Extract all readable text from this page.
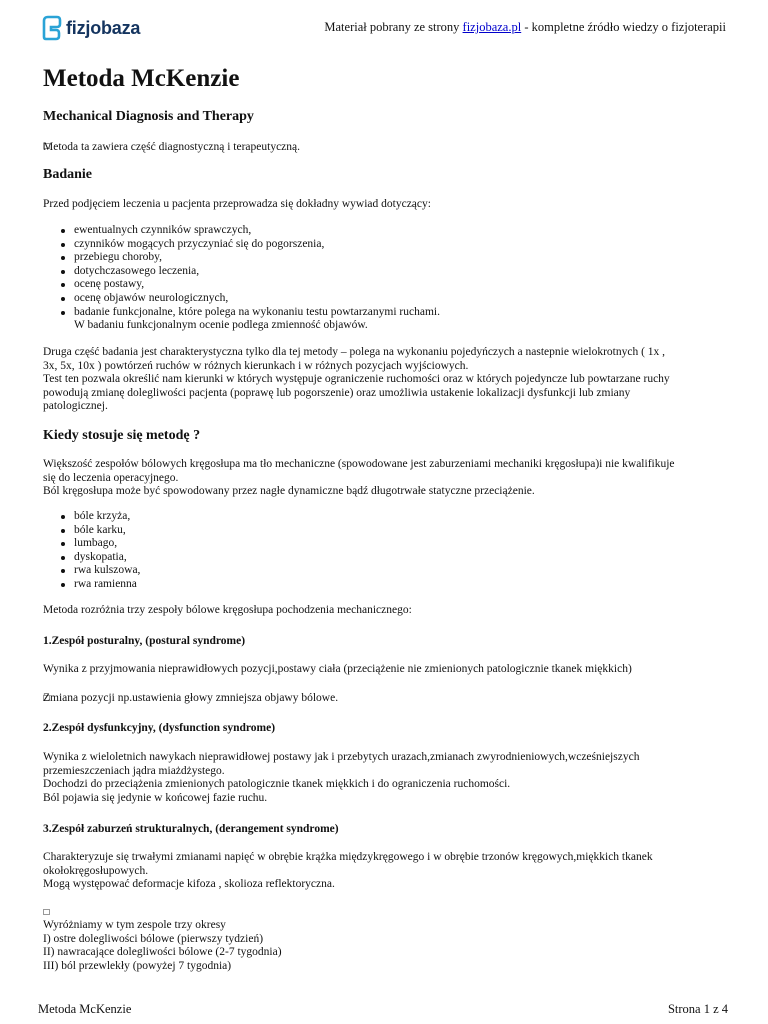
fizjobaza	Materiał pobrany ze strony fizjobaza.pl - kompletne źródło wiedzy o fizjoterapii
Metoda McKenzie
Mechanical Diagnosis and Therapy

Metoda ta zawiera część diagnostyczną i terapeutyczną.

Badanie

Przed podjęciem leczenia u pacjenta przeprowadza się dokładny wywiad dotyczący:

ewentualnych czynników sprawczych,
czynników mogących przyczyniać się do pogorszenia,
przebiegu choroby,
dotychczasowego leczenia,
ocenę postawy,
ocenę objawów neurologicznych,
badanie funkcjonalne, które polega na wykonaniu testu powtarzanymi ruchami.
W badaniu funkcjonalnym ocenie podlega zmienność objawów.
Druga część badania jest charakterystyczna tylko dla tej metody – polega na wykonaniu pojedyńczych a nastepnie wielokrotnych ( 1x ,
3x, 5x, 10x ) powtórzeń ruchów w różnych kierunkach i w różnych pozycjach wyjściowych.
Test ten pozwala określić nam kierunki w których występuje ograniczenie ruchomości oraz w których pojedyncze lub powtarzane ruchy
powodują zmianę dolegliwości pacjenta (poprawę lub pogorszenie) oraz umożliwia ustakenie lokalizacji dysfunkcji lub zmiany
patologicznej.
Kiedy stosuje się metodę ?
Większość zespołów bólowych kręgosłupa ma tło mechaniczne (spowodowane jest zaburzeniami mechaniki kręgosłupa)i nie kwalifikuje
się do leczenia operacyjnego.
Ból kręgosłupa może być spowodowany przez nagłe dynamiczne bądź długotrwałe statyczne przeciążenie.
bóle krzyża,
bóle karku,
lumbago,
dyskopatia,
rwa kulszowa,
rwa ramienna

Metoda rozróżnia trzy zespoły bólowe kręgosłupa pochodzenia mechanicznego:

1.Zespół posturalny, (postural syndrome)

Wynika z przyjmowania nieprawidłowych pozycji,postawy ciała (przeciążenie nie zmienionych patologicznie tkanek miękkich)

Zmiana pozycji np.ustawienia głowy zmniejsza objawy bólowe.

2.Zespół dysfunkcyjny, (dysfunction syndrome)
Wynika z wieloletnich nawykach nieprawidłowej postawy jak i przebytych urazach,zmianach zwyrodnieniowych,wcześniejszych
przemieszczeniach jądra miażdżystego.
Dochodzi do przeciążenia zmienionych patologicznie tkanek miękkich i do ograniczenia ruchomości.
Ból pojawia się jedynie w końcowej fazie ruchu.
3.Zespół zaburzeń strukturalnych, (derangement syndrome)
Charakteryzuje się trwałymi zmianami napięć w obrębie krążka międzykręgowego i w obrębie trzonów kręgowych,miękkich tkanek
okołokręgosłupowych.
Mogą występować deformacje kifoza , skolioza reflektoryczna.
Wyróżniamy w tym zespole trzy okresy
I) ostre dolegliwości bólowe (pierwszy tydzień)
II) nawracające dolegliwości bólowe (2-7 tygodnia)
III) ból przewlekły (powyżej 7 tygodnia)
Metoda McKenzie	Strona 1 z 4
